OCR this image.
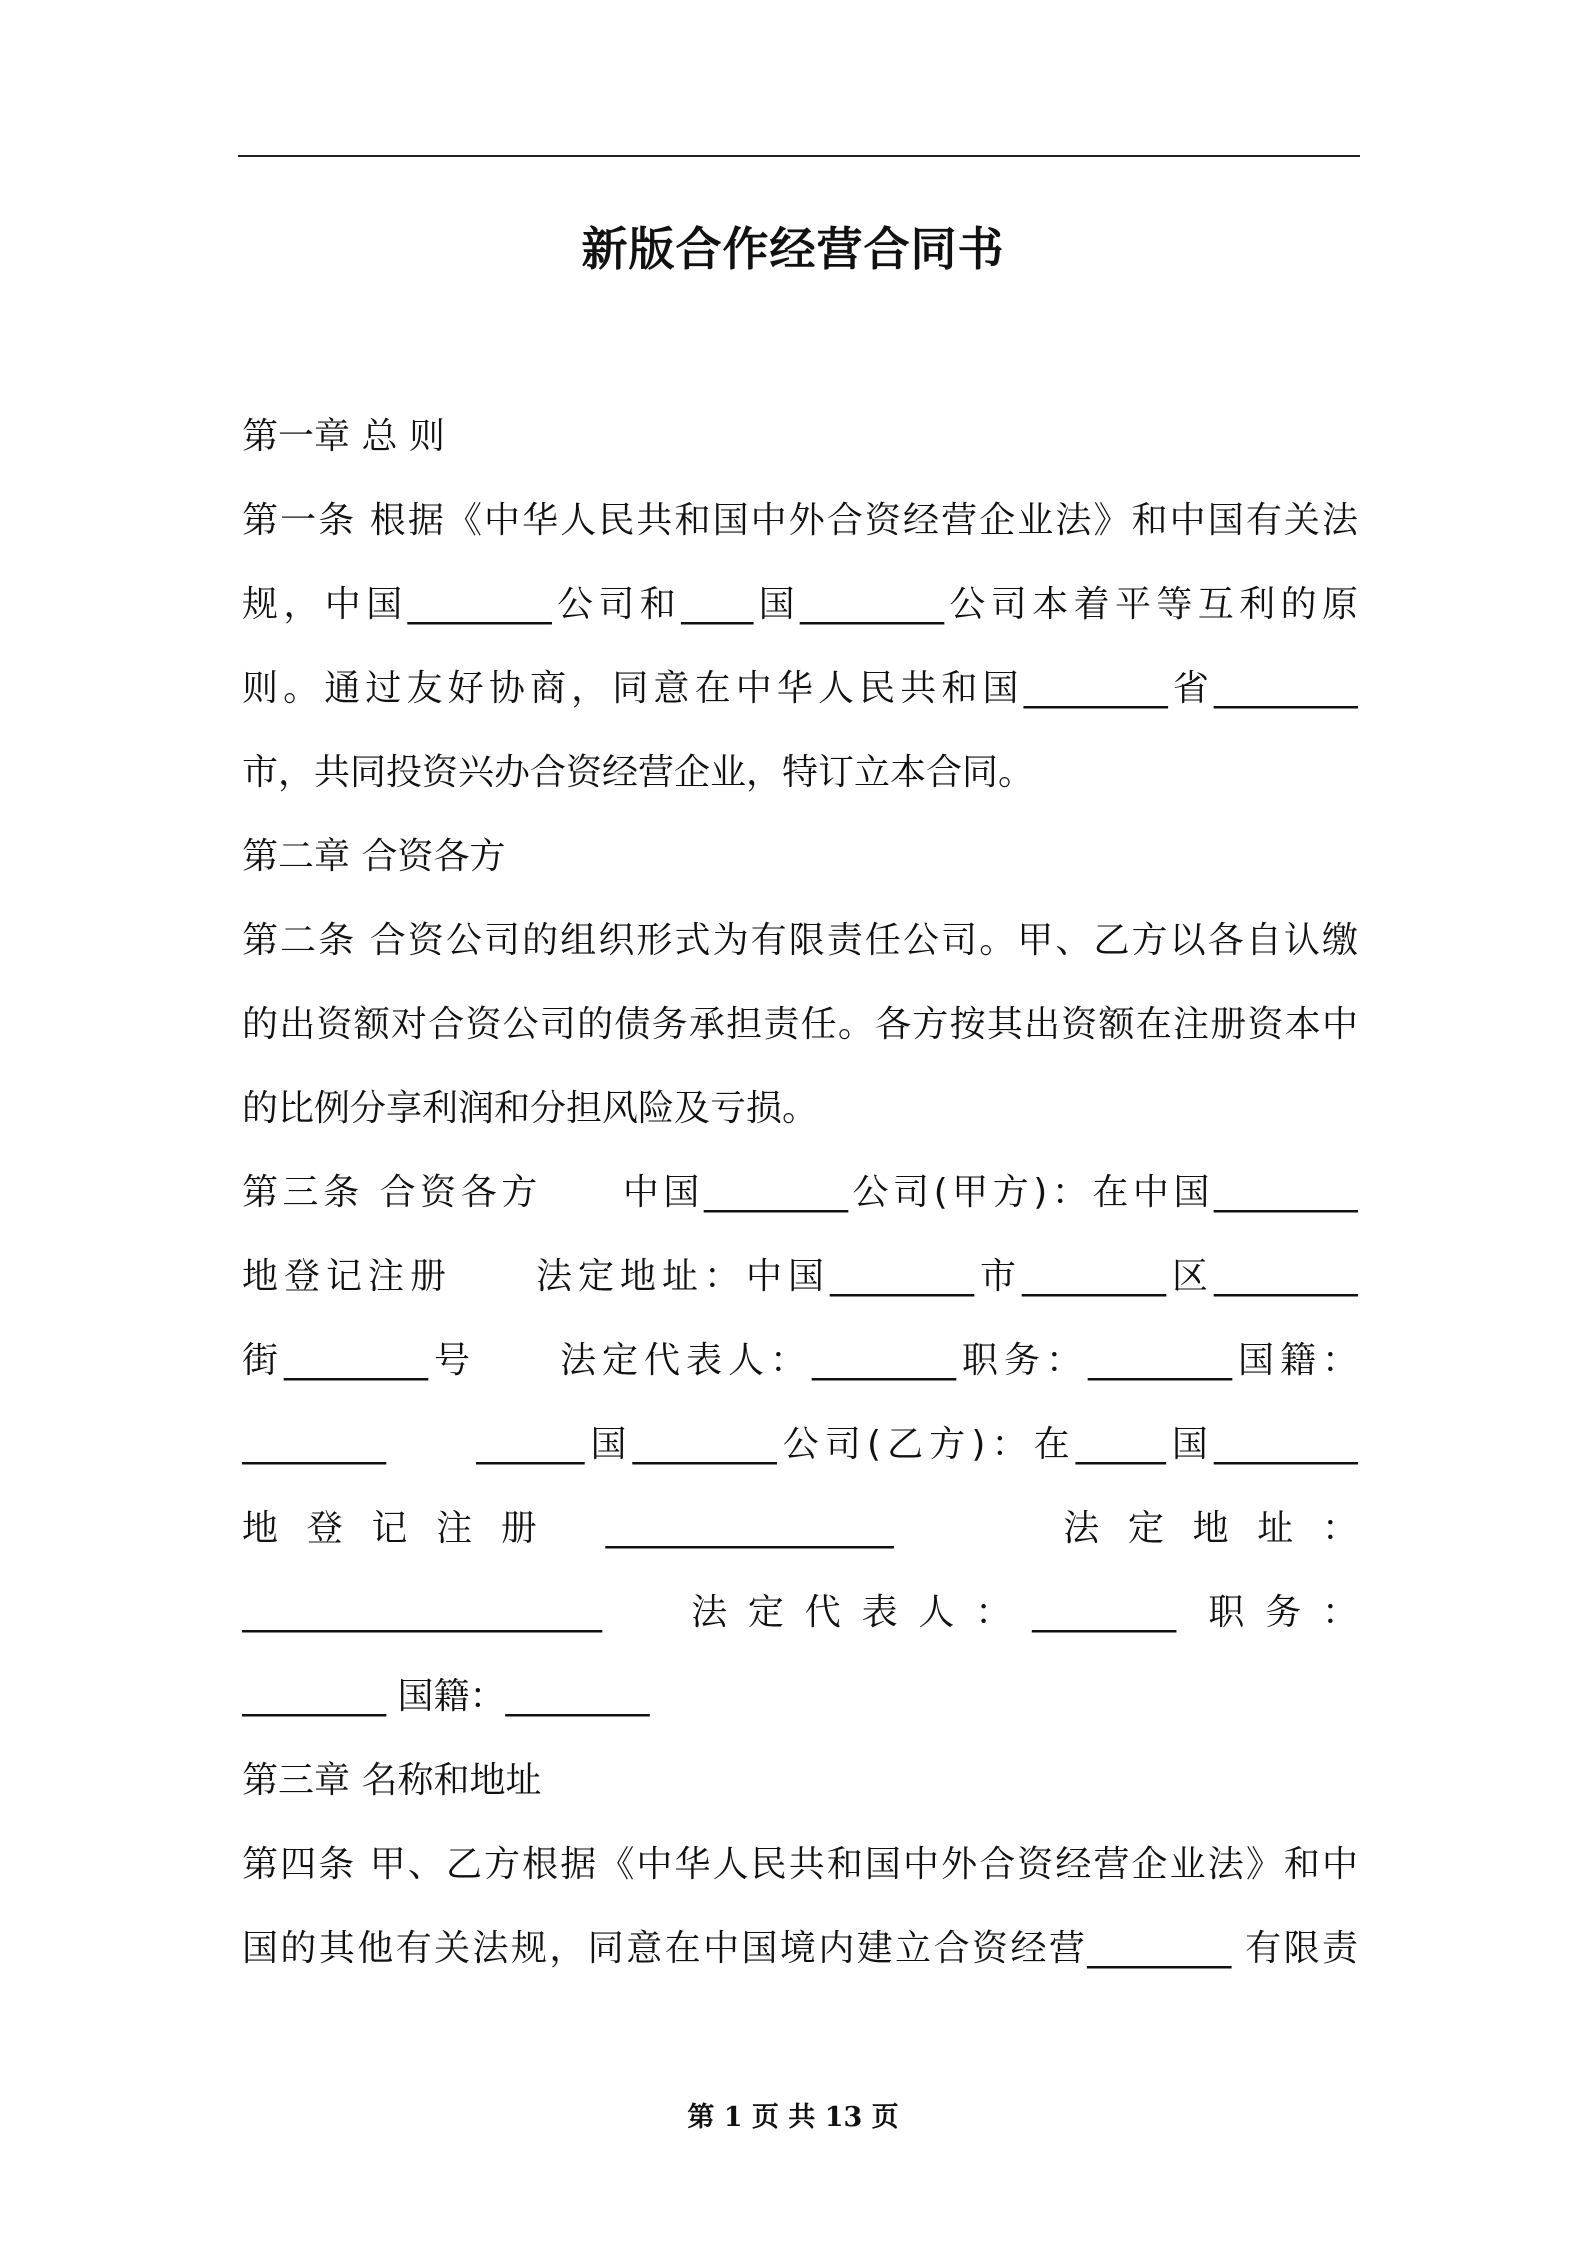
新版合作经营合同书
第一章 总 则
第一条 根据《中华人民共和国中外合资经营企业法》和中国有关法
规，中国________公司和____国________公司本着平等互利的原
则。通过友好协商，同意在中华人民共和国________省________
市，共同投资兴办合资经营企业，特订立本合同。
第二章 合资各方
第二条 合资公司的组织形式为有限责任公司。甲、乙方以各自认缴
的出资额对合资公司的债务承担责任。各方按其出资额在注册资本中
的比例分享利润和分担风险及亏损。
第三条 合资各方　　中国________公司(甲方)：在中国________
地登记注册　　法定地址：中国________市________区________
街________号　　法定代表人：________职务：________国籍：
________　　______国________公司(乙方)：在_____国________
地登记注册 ________________ 　　法定地址：
____________________ 　法定代表人：________ 职务：
________ 国籍：________
第三章 名称和地址
第四条 甲、乙方根据《中华人民共和国中外合资经营企业法》和中
国的其他有关法规，同意在中国境内建立合资经营________ 有限责
第 1 页 共 13 页
